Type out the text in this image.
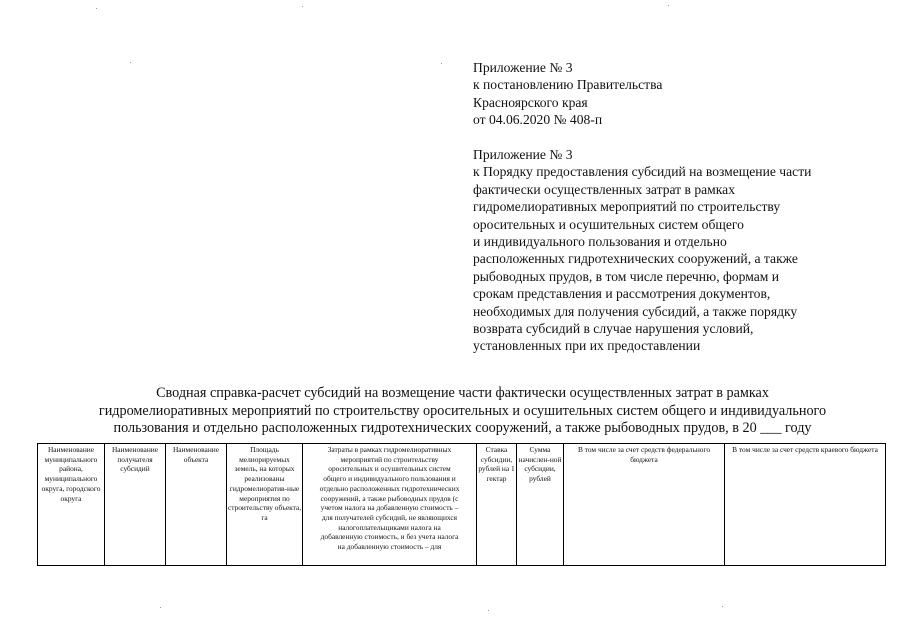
Приложение № 3
к постановлению Правительства
Красноярского края
от 04.06.2020 № 408-п
Приложение № 3
к Порядку предоставления субсидий на возмещение части
фактически осуществленных затрат в рамках
гидромелиоративных мероприятий по строительству
оросительных и осушительных систем общего
и индивидуального пользования и отдельно
расположенных гидротехнических сооружений, а также
рыбоводных прудов, в том числе перечню, формам и
срокам представления и рассмотрения документов,
необходимых для получения субсидий, а также порядку
возврата субсидий в случае нарушения условий,
установленных при их предоставлении
Сводная справка-расчет субсидий на возмещение части фактически осуществленных затрат в рамках
гидромелиоративных мероприятий по строительству оросительных и осушительных систем общего и индивидуального
пользования и отдельно расположенных гидротехнических сооружений, а также рыбоводных прудов, в 20 ___ году
Наименование муниципального района, муниципального округа, городского округа	Наименование получателя субсидий	Наименование объекта	Площадь мелиорируемых земель, на которых реализованы гидромелиоратив-ные мероприятия по строительству объекта, га	
Затраты в рамках гидромелиоративных
мероприятий по строительству
оросительных и осушительных систем
общего и индивидуального пользования и
отдельно расположенных гидротехнических
сооружений, а также рыбоводных прудов (с
учетом налога на добавленную стоимость –
для получателей субсидий, не являющихся
налогоплательщиками налога на
добавленную стоимость, и без учета налога
на добавленную стоимость – для
	Ставка субсидии, рублей на 1 гектар	Сумма начислен-ной субсидии, рублей	В том числе за счет средств федерального бюджета	В том числе за счет средств краевого бюджета
